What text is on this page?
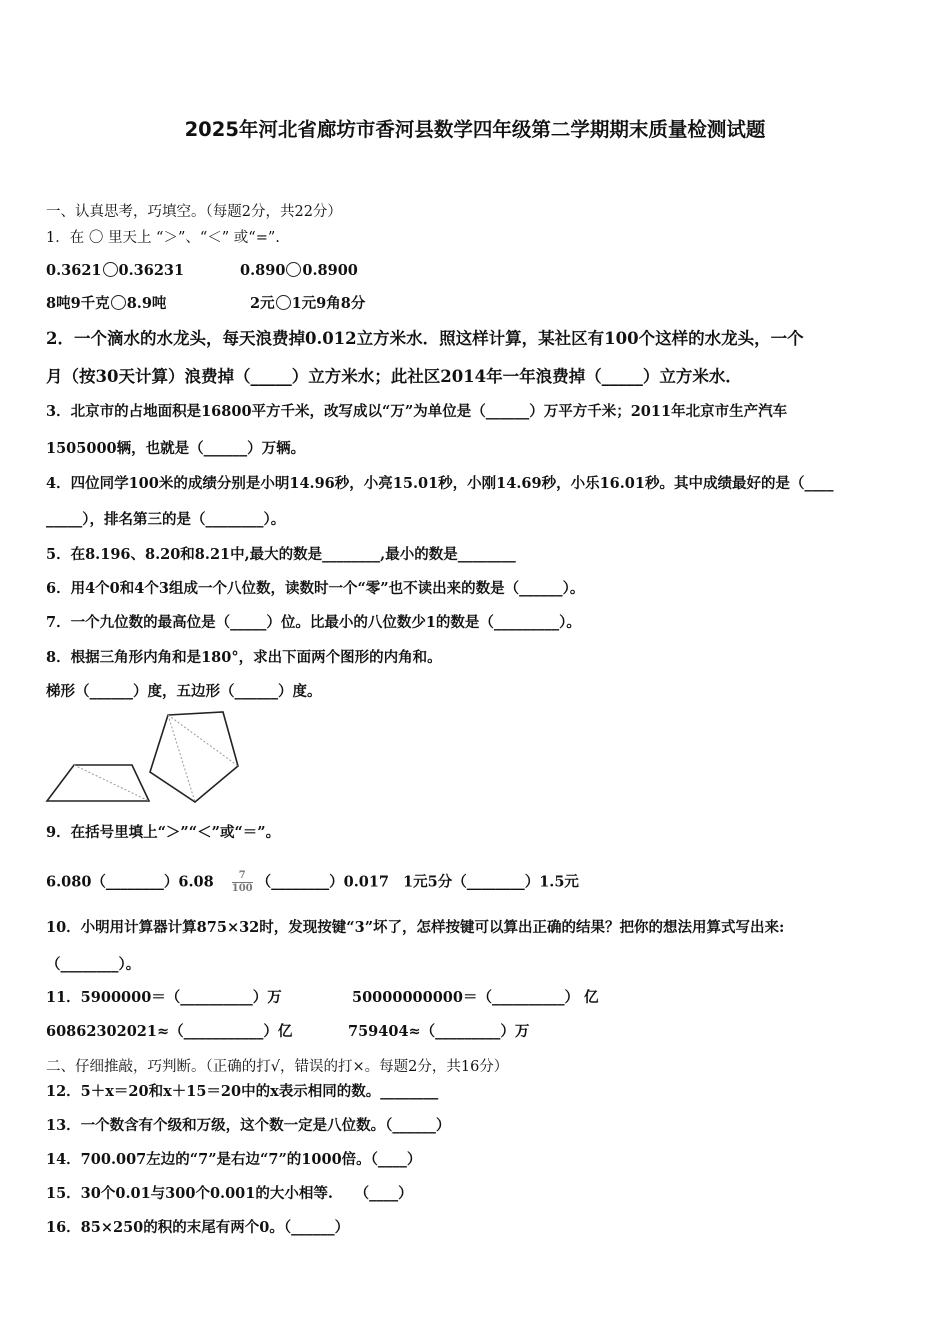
2025年河北省廊坊市香河县数学四年级第二学期期末质量检测试题
一、认真思考，巧填空。（每题2分，共22分）
1．在 〇 里天上 “＞”、“＜” 或“=”.
0.3621 0.36231	0.890 0.8900
8吨9千克 8.9吨	2元 1元9角8分
2．一个滴水的水龙头，每天浪费掉0.012立方米水．照这样计算，某社区有100个这样的水龙头，一个
月（按30天计算）浪费掉（_____）立方米水；此社区2014年一年浪费掉（_____）立方米水．
3．北京市的占地面积是16800平方千米，改写成以“万”为单位是（______）万平方千米；2011年北京市生产汽车
1505000辆，也就是（______）万辆。
4．四位同学100米的成绩分别是小明14.96秒，小亮15.01秒，小刚14.69秒，小乐16.01秒。其中成绩最好的是（____
_____），排名第三的是（________）。
5．在8.196、8.20和8.21中,最大的数是________,最小的数是________
6．用4个0和4个3组成一个八位数，读数时一个“零”也不读出来的数是（______）。
7．一个九位数的最高位是（_____）位。比最小的八位数少1的数是（_________）。
8．根据三角形内角和是180°，求出下面两个图形的内角和。
梯形（______）度，五边形（______）度。
9．在括号里填上“＞”“＜”或“＝”。
6.080（________）6.08 $\frac{7}{100}$ （________）0.017 1元5分（________）1.5元
10．小明用计算器计算875×32时，发现按键“3”坏了，怎样按键可以算出正确的结果？把你的想法用算式写出来:
（________）。
11．5900000＝（__________）万	50000000000＝（__________） 亿
60862302021≈（___________）亿	759404≈（_________）万
二、仔细推敲，巧判断。（正确的打√，错误的打×。每题2分，共16分）
12．5＋x＝20和x＋15＝20中的x表示相同的数。________
13．一个数含有个级和万级，这个数一定是八位数。（______）
14．700.007左边的“7”是右边“7”的1000倍。（____）
15．30个0.01与300个0.001的大小相等.　　（____）
16．85×250的积的末尾有两个0。（______）
